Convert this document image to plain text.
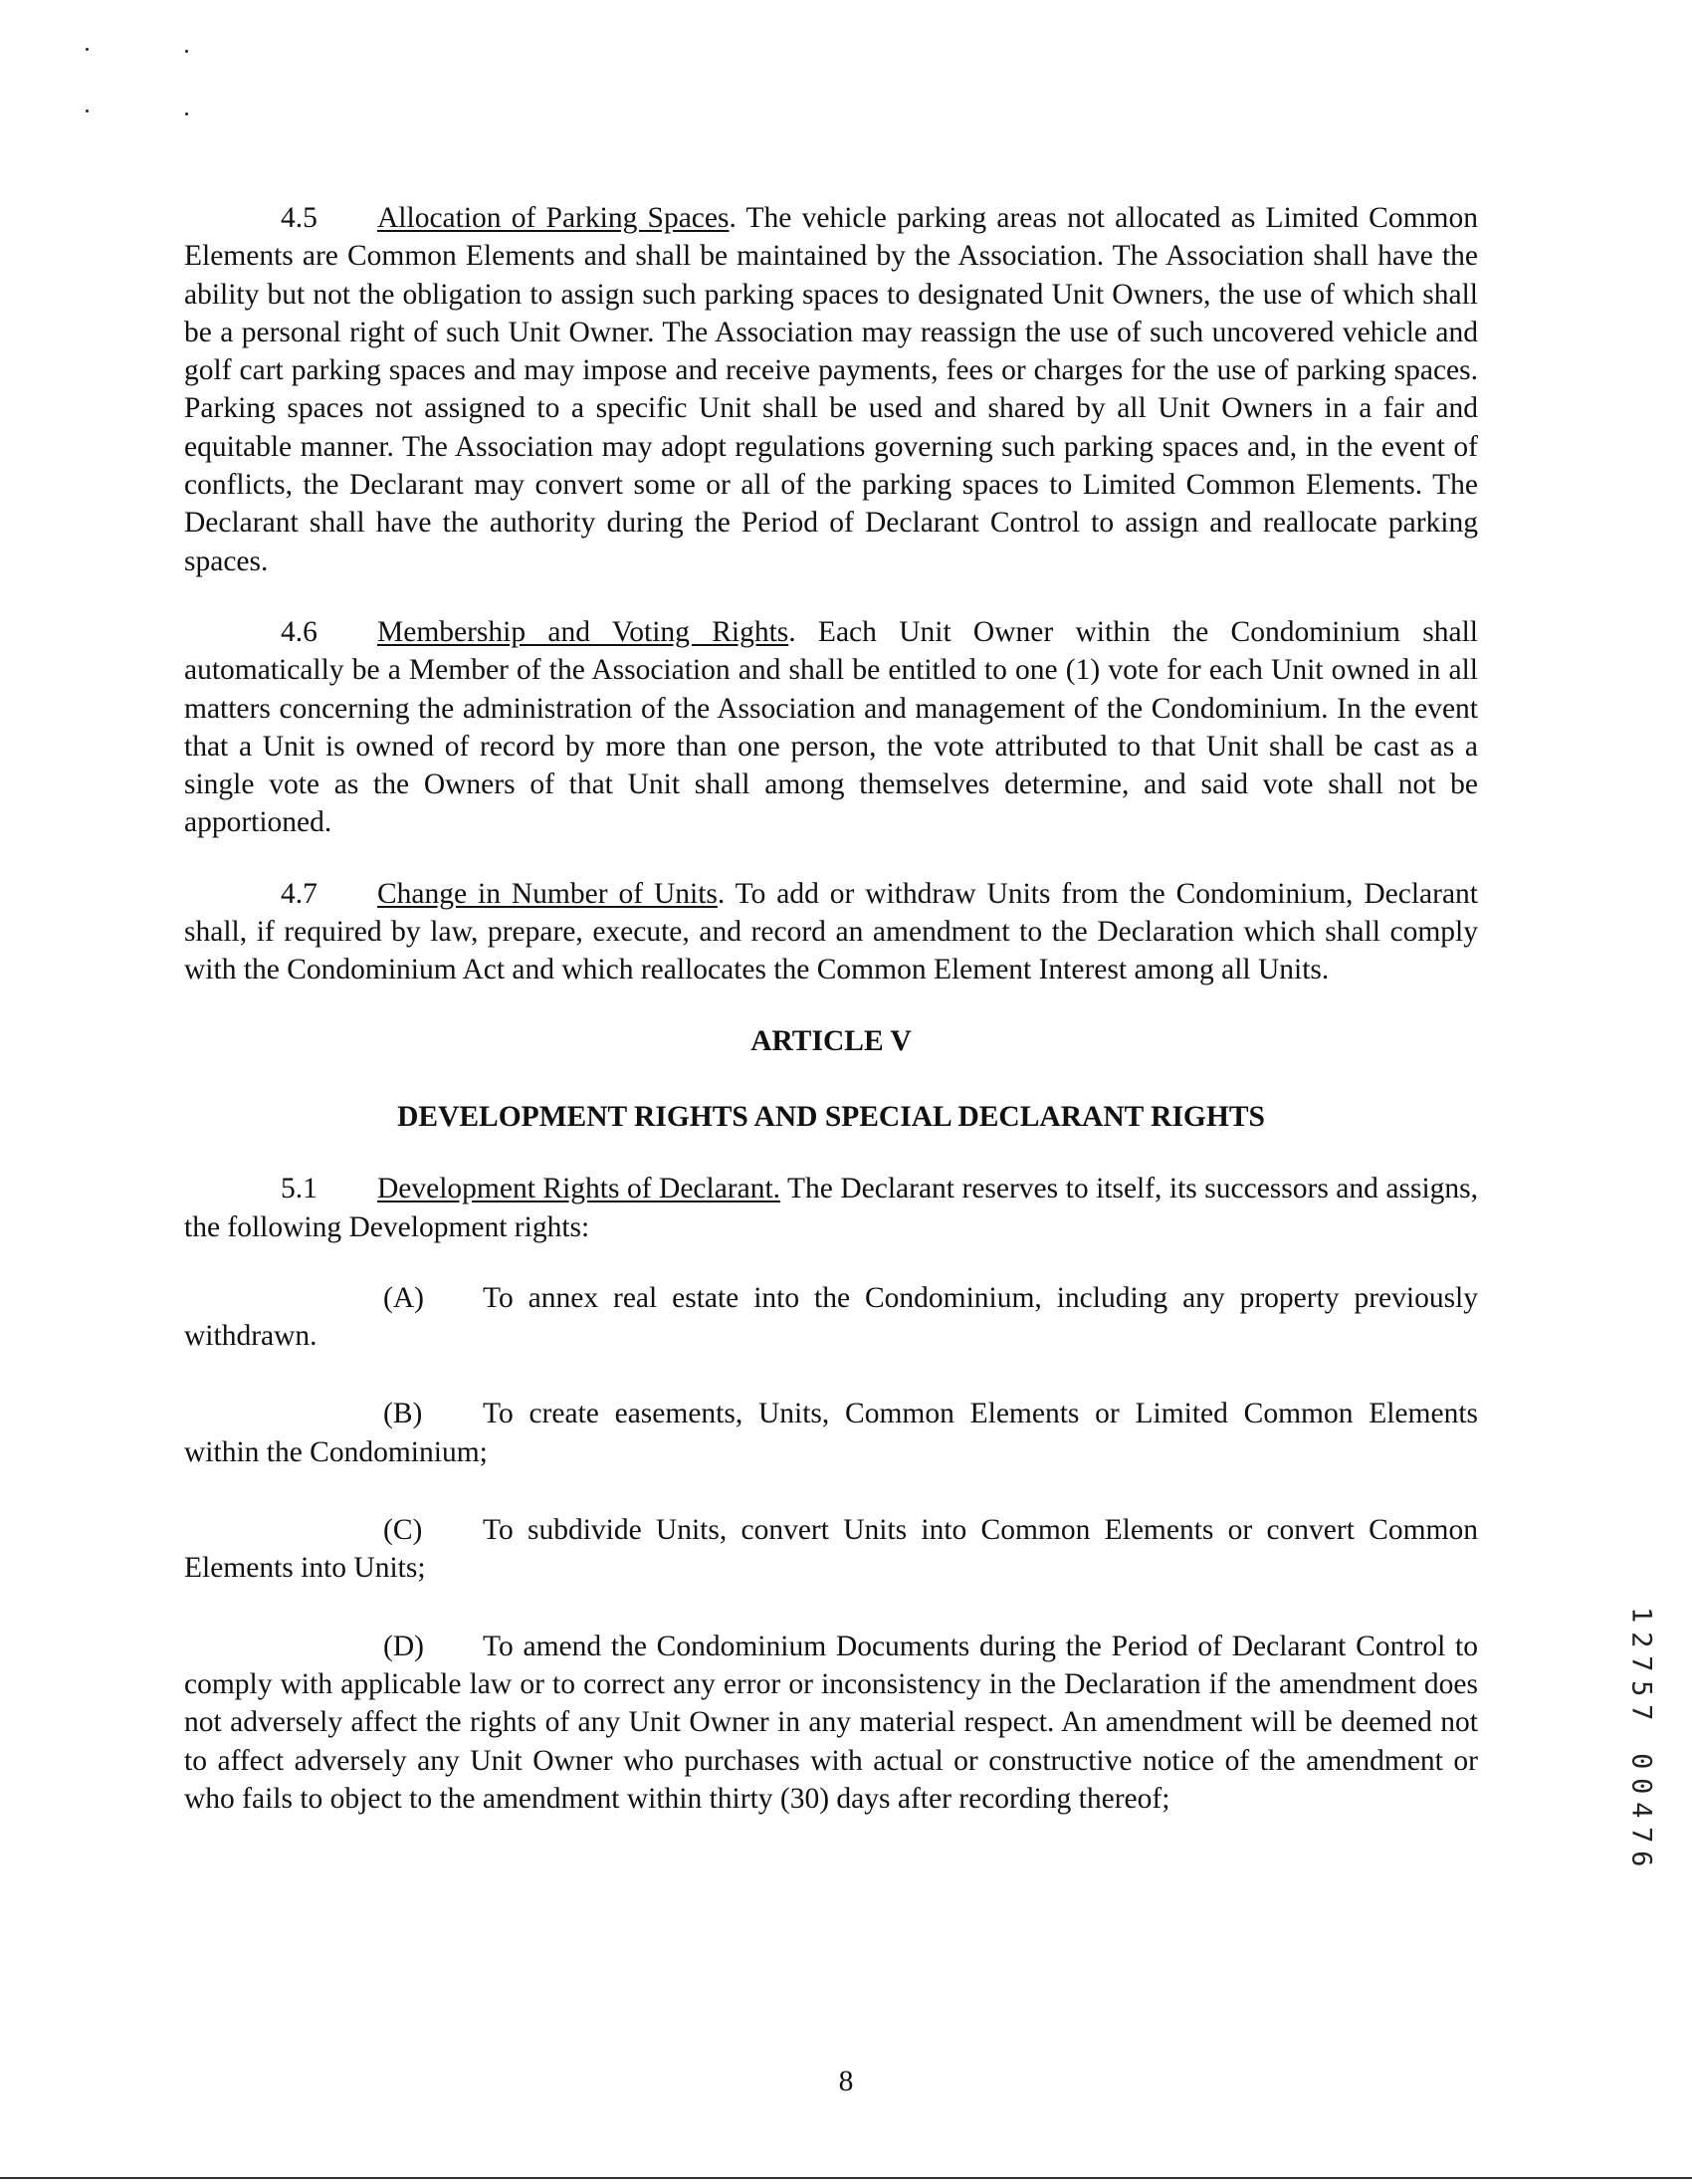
4.5 Allocation of Parking Spaces. The vehicle parking areas not allocated as Limited Common Elements are Common Elements and shall be maintained by the Association. The Association shall have the ability but not the obligation to assign such parking spaces to designated Unit Owners, the use of which shall be a personal right of such Unit Owner. The Association may reassign the use of such uncovered vehicle and golf cart parking spaces and may impose and receive payments, fees or charges for the use of parking spaces. Parking spaces not assigned to a specific Unit shall be used and shared by all Unit Owners in a fair and equitable manner. The Association may adopt regulations governing such parking spaces and, in the event of conflicts, the Declarant may convert some or all of the parking spaces to Limited Common Elements. The Declarant shall have the authority during the Period of Declarant Control to assign and reallocate parking spaces.

4.6 Membership and Voting Rights. Each Unit Owner within the Condominium shall automatically be a Member of the Association and shall be entitled to one (1) vote for each Unit owned in all matters concerning the administration of the Association and management of the Condominium. In the event that a Unit is owned of record by more than one person, the vote attributed to that Unit shall be cast as a single vote as the Owners of that Unit shall among themselves determine, and said vote shall not be apportioned.

4.7 Change in Number of Units. To add or withdraw Units from the Condominium, Declarant shall, if required by law, prepare, execute, and record an amendment to the Declaration which shall comply with the Condominium Act and which reallocates the Common Element Interest among all Units.

ARTICLE V

DEVELOPMENT RIGHTS AND SPECIAL DECLARANT RIGHTS

5.1 Development Rights of Declarant. The Declarant reserves to itself, its successors and assigns, the following Development rights:

(A) To annex real estate into the Condominium, including any property previously withdrawn.

(B) To create easements, Units, Common Elements or Limited Common Elements within the Condominium;

(C) To subdivide Units, convert Units into Common Elements or convert Common Elements into Units;

(D) To amend the Condominium Documents during the Period of Declarant Control to comply with applicable law or to correct any error or inconsistency in the Declaration if the amendment does not adversely affect the rights of any Unit Owner in any material respect. An amendment will be deemed not to affect adversely any Unit Owner who purchases with actual or constructive notice of the amendment or who fails to object to the amendment within thirty (30) days after recording thereof;

1
2
7
5
7
0
0
4
7
6
8
